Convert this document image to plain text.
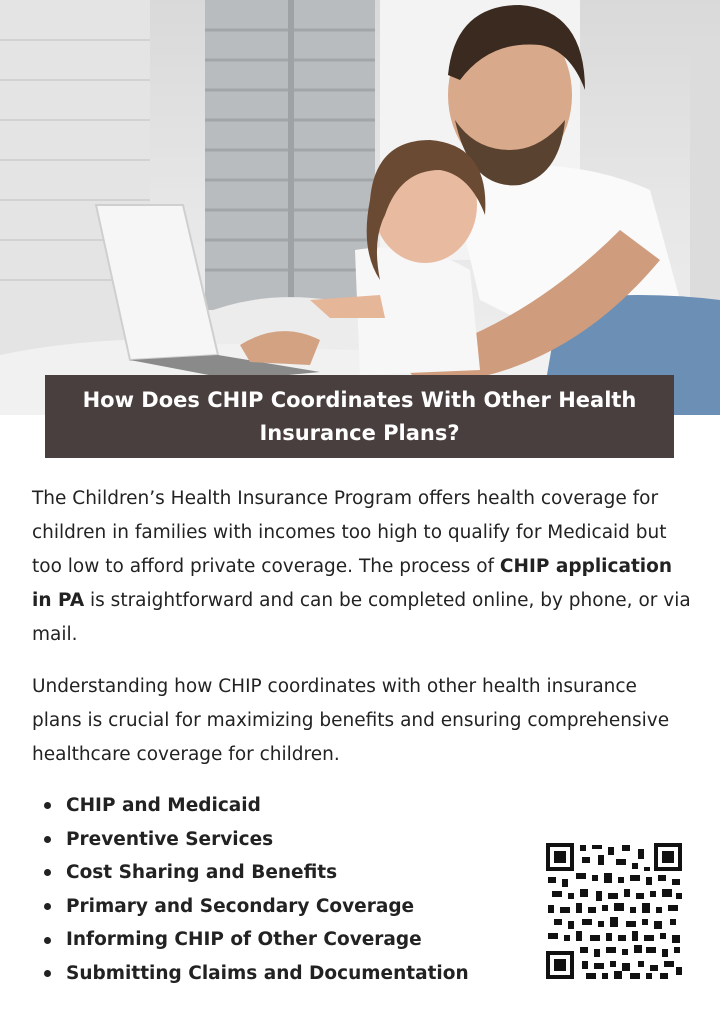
How Does CHIP Coordinates With Other Health Insurance Plans?

The Children’s Health Insurance Program offers health coverage for children in families with incomes too high to qualify for Medicaid but too low to afford private coverage. The process of CHIP application in PA is straightforward and can be completed online, by phone, or via mail.

Understanding how CHIP coordinates with other health insurance plans is crucial for maximizing benefits and ensuring comprehensive healthcare coverage for children.

CHIP and Medicaid
Preventive Services
Cost Sharing and Benefits
Primary and Secondary Coverage
Informing CHIP of Other Coverage
Submitting Claims and Documentation
